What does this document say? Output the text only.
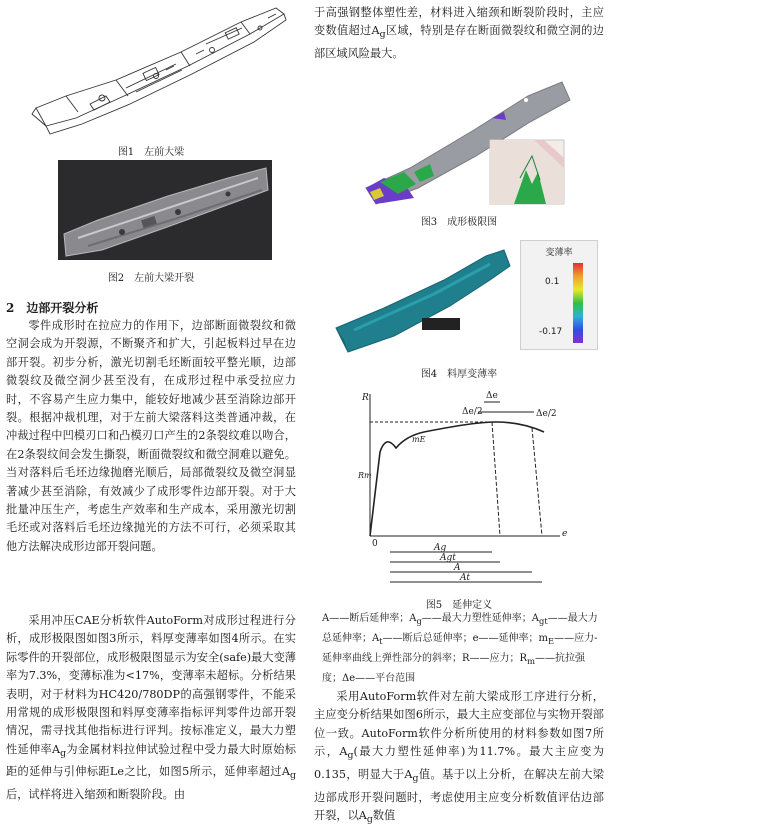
图1　左前大梁
图2　左前大梁开裂
2　边部开裂分析

零件成形时在拉应力的作用下，边部断面微裂纹和微空洞会成为开裂源，不断聚齐和扩大，引起板料过早在边部开裂。初步分析，激光切割毛坯断面较平整光顺，边部微裂纹及微空洞少甚至没有，在成形过程中承受拉应力时，不容易产生应力集中，能较好地减少甚至消除边部开裂。根据冲裁机理，对于左前大梁落料这类普通冲裁，在冲裁过程中凹模刃口和凸模刃口产生的2条裂纹难以吻合，在2条裂纹间会发生撕裂，断面微裂纹和微空洞难以避免。当对落料后毛坯边缘抛磨光顺后，局部微裂纹及微空洞显著减少甚至消除，有效减少了成形零件边部开裂。对于大批量冲压生产，考虑生产效率和生产成本，采用激光切割毛坯或对落料后毛坯边缘抛光的方法不可行，必须采取其他方法解决成形边部开裂问题。

采用冲压CAE分析软件AutoForm对成形过程进行分析，成形极限图如图3所示，料厚变薄率如图4所示。在实际零件的开裂部位，成形极限图显示为安全(safe)最大变薄率为7.3%，变薄标准为<17%，变薄率未超标。分析结果表明，对于材料为HC420/780DP的高强钢零件，不能采用常规的成形极限图和料厚变薄率指标评判零件边部开裂情况，需寻找其他指标进行评判。按标准定义，最大力塑性延伸率$A_g$为金属材料拉伸试验过程中受力最大时原始标距的延伸与引伸标距Le之比，如图5所示，延伸率超过$A_g$后，试样将进入缩颈和断裂阶段。由

于高强钢整体塑性差，材料进入缩颈和断裂阶段时，主应变数值超过$A_g$区域，特别是存在断面微裂纹和微空洞的边部区域风险最大。

图3　成形极限图
-0.073
变薄率
0.1
-0.17
图4　料厚变薄率
R
Rm
e
0
mE
Δe/2
Δe
Δe/2
Ag
Agt
A
At
图5　延伸定义

A——断后延伸率；$A_g——$最大力塑性延伸率；$A_{gt}——$最大力总延伸率；$A_t——$断后总延伸率；e——延伸率；$m_E——$应力-延伸率曲线上弹性部分的斜率；R——应力；$R_m——$抗拉强度；Δe——平台范围

采用AutoForm软件对左前大梁成形工序进行分析，主应变分析结果如图6所示，最大主应变部位与实物开裂部位一致。AutoForm软件分析所使用的材料参数如图7所示，$A_g$(最大力塑性延伸率)为11.7%。最大主应变为0.135，明显大于$A_g$值。基于以上分析，在解决左前大梁边部成形开裂问题时，考虑使用主应变分析数值评估边部开裂，以$A_g$数值
